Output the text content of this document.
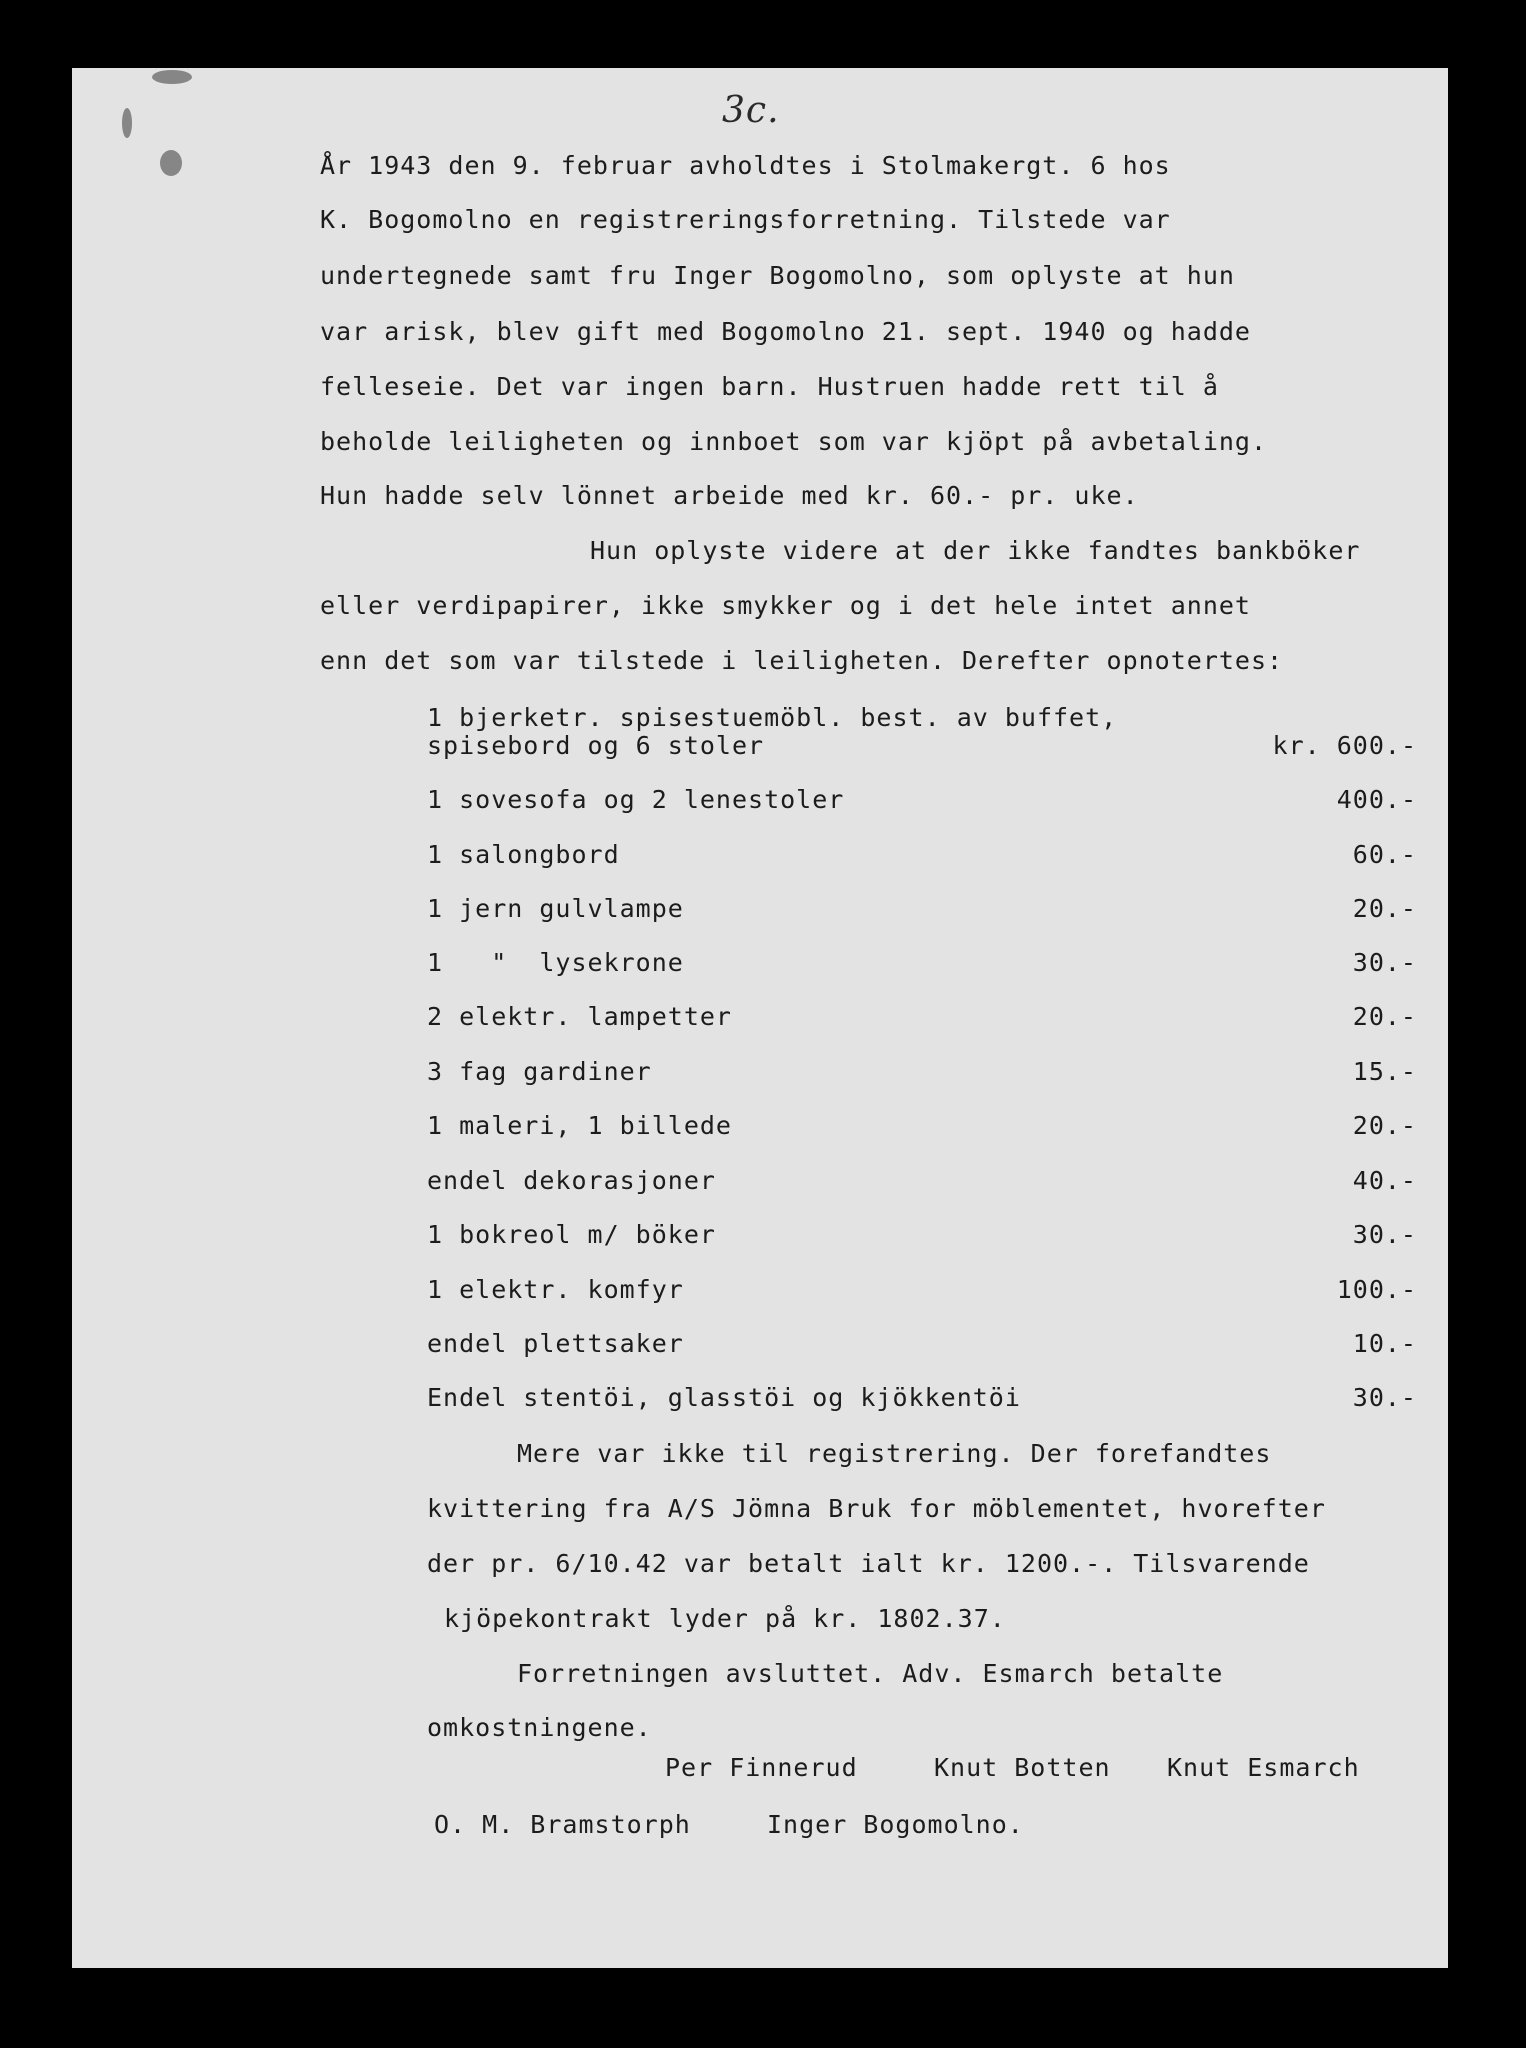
3c.
År 1943 den 9. februar avholdtes i Stolmakergt. 6 hos
K. Bogomolno en registreringsforretning. Tilstede var
undertegnede samt fru Inger Bogomolno, som oplyste at hun
var arisk, blev gift med Bogomolno 21. sept. 1940 og hadde
felleseie. Det var ingen barn. Hustruen hadde rett til å
beholde leiligheten og innboet som var kjöpt på avbetaling.
Hun hadde selv lönnet arbeide med kr. 60.- pr. uke.
Hun oplyste videre at der ikke fandtes bankböker
eller verdipapirer, ikke smykker og i det hele intet annet
enn det som var tilstede i leiligheten. Derefter opnotertes:
1 bjerketr. spisestuemöbl. best. av buffet,
spisebord og 6 stoler	kr. 600.-
1 sovesofa og 2 lenestoler	400.-
1 salongbord	60.-
1 jern gulvlampe	20.-
1   "  lysekrone	30.-
2 elektr. lampetter	20.-
3 fag gardiner	15.-
1 maleri, 1 billede	20.-
endel dekorasjoner	40.-
1 bokreol m/ böker	30.-
1 elektr. komfyr	100.-
endel plettsaker	10.-
Endel stentöi, glasstöi og kjökkentöi	30.-
Mere var ikke til registrering. Der forefandtes
kvittering fra A/S Jömna Bruk for möblementet, hvorefter
der pr. 6/10.42 var betalt ialt kr. 1200.-. Tilsvarende
kjöpekontrakt lyder på kr. 1802.37.
Forretningen avsluttet. Adv. Esmarch betalte
omkostningene.
Per Finnerud	Knut Botten Knut Esmarch
O. M. Bramstorph	Inger Bogomolno.
